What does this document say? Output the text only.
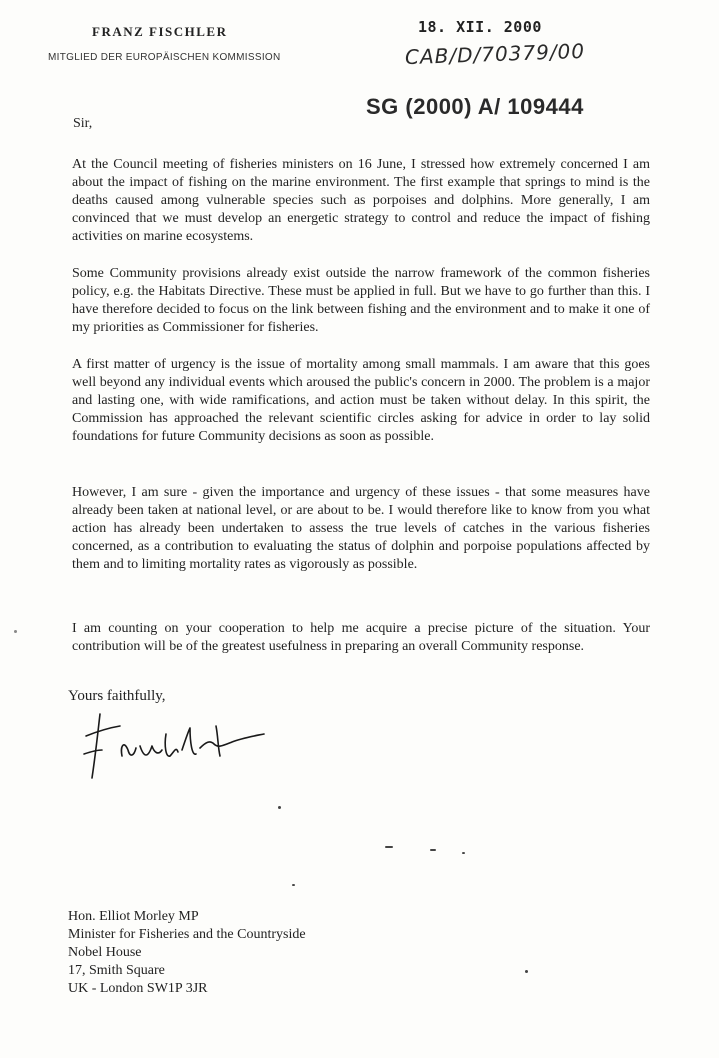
FRANZ FISCHLER
MITGLIED DER EUROPÄISCHEN KOMMISSION
18. XII. 2000
CAB/D/70379/00
SG (2000) A/ 109444
Sir,

At the Council meeting of fisheries ministers on 16 June, I stressed how extremely concerned I am about the impact of fishing on the marine environment. The first example that springs to mind is the deaths caused among vulnerable species such as porpoises and dolphins. More generally, I am convinced that we must develop an energetic strategy to control and reduce the impact of fishing activities on marine ecosystems.

Some Community provisions already exist outside the narrow framework of the common fisheries policy, e.g. the Habitats Directive. These must be applied in full. But we have to go further than this. I have therefore decided to focus on the link between fishing and the environment and to make it one of my priorities as Commissioner for fisheries.

A first matter of urgency is the issue of mortality among small mammals. I am aware that this goes well beyond any individual events which aroused the public's concern in 2000. The problem is a major and lasting one, with wide ramifications, and action must be taken without delay. In this spirit, the Commission has approached the relevant scientific circles asking for advice in order to lay solid foundations for future Community decisions as soon as possible.

However, I am sure - given the importance and urgency of these issues - that some measures have already been taken at national level, or are about to be. I would therefore like to know from you what action has already been undertaken to assess the true levels of catches in the various fisheries concerned, as a contribution to evaluating the status of dolphin and porpoise populations affected by them and to limiting mortality rates as vigorously as possible.

I am counting on your cooperation to help me acquire a precise picture of the situation. Your contribution will be of the greatest usefulness in preparing an overall Community response.

Yours faithfully,
Hon. Elliot Morley MP
Minister for Fisheries and the Countryside
Nobel House
17, Smith Square
UK - London SW1P 3JR
